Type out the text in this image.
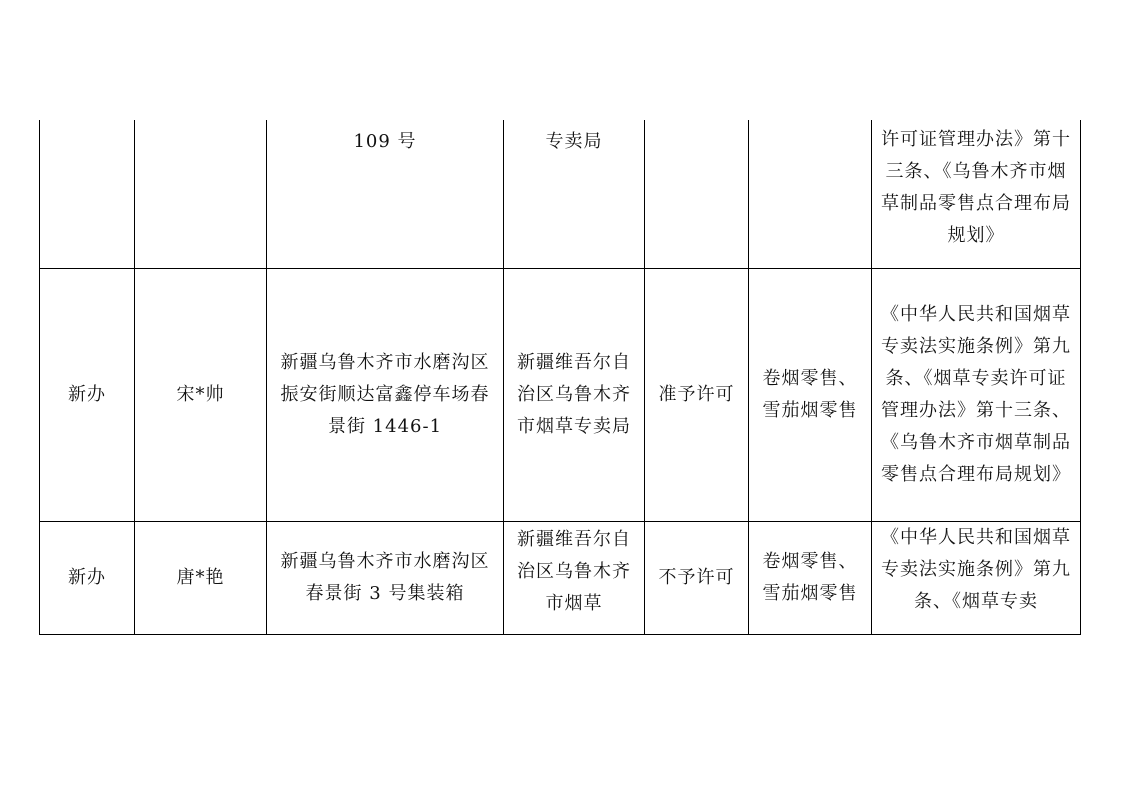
		109 号	专卖局			许可证管理办法》第十三条、《乌鲁木齐市烟草制品零售点合理布局规划》
新办	宋*帅	新疆乌鲁木齐市水磨沟区振安街顺达富鑫停车场春景街 1446-1	新疆维吾尔自治区乌鲁木齐市烟草专卖局	准予许可	卷烟零售、雪茄烟零售	《中华人民共和国烟草专卖法实施条例》第九条、《烟草专卖许可证管理办法》第十三条、《乌鲁木齐市烟草制品零售点合理布局规划》
新办	唐*艳	新疆乌鲁木齐市水磨沟区春景街 3 号集装箱	新疆维吾尔自治区乌鲁木齐市烟草	不予许可	卷烟零售、雪茄烟零售	《中华人民共和国烟草专卖法实施条例》第九条、《烟草专卖
